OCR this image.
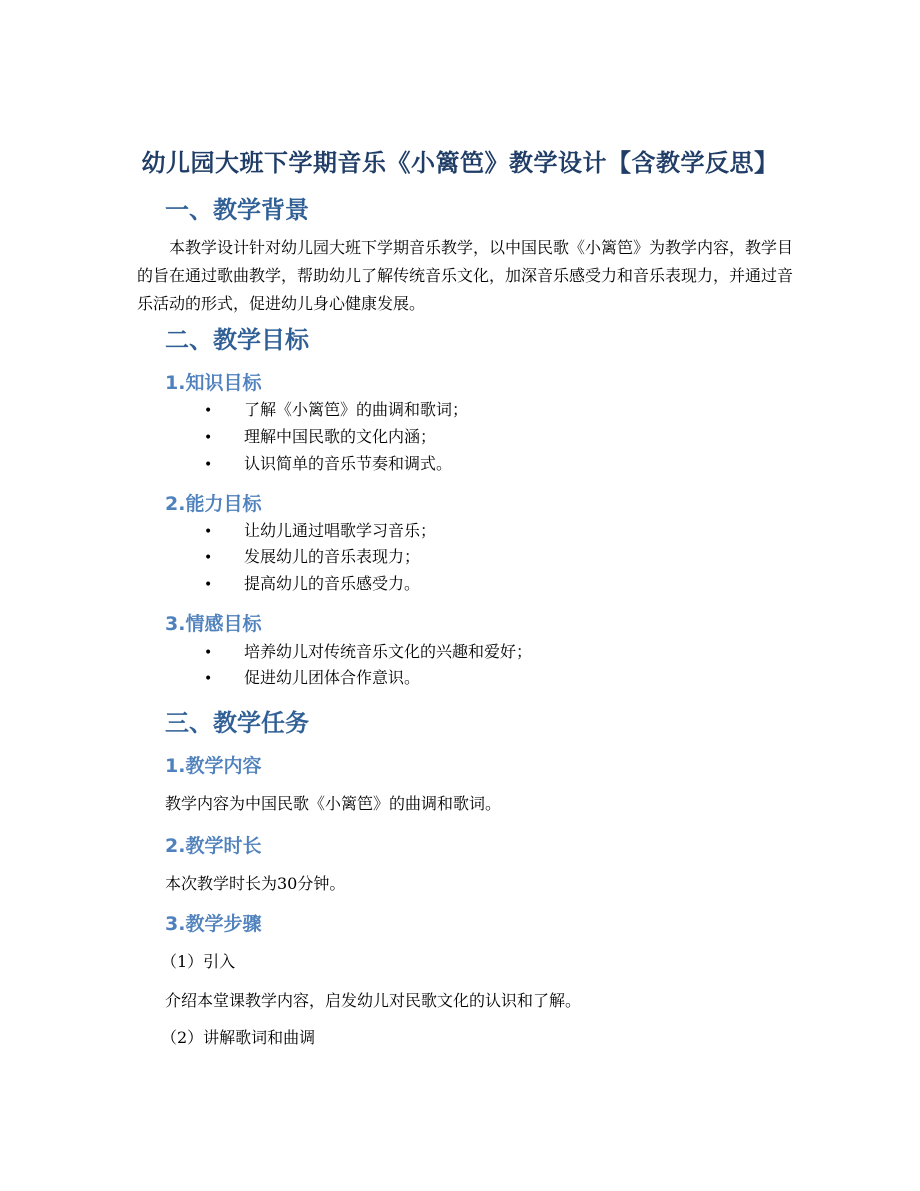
幼儿园大班下学期音乐《小篱笆》教学设计【含教学反思】
一、教学背景
本教学设计针对幼儿园大班下学期音乐教学，以中国民歌《小篱笆》为教学内容，教学目的旨在通过歌曲教学，帮助幼儿了解传统音乐文化，加深音乐感受力和音乐表现力，并通过音乐活动的形式，促进幼儿身心健康发展。
二、教学目标
1.知识目标
• 了解《小篱笆》的曲调和歌词；
• 理解中国民歌的文化内涵；
• 认识简单的音乐节奏和调式。
2.能力目标
• 让幼儿通过唱歌学习音乐；
• 发展幼儿的音乐表现力；
• 提高幼儿的音乐感受力。
3.情感目标
• 培养幼儿对传统音乐文化的兴趣和爱好；
• 促进幼儿团体合作意识。
三、教学任务
1.教学内容
教学内容为中国民歌《小篱笆》的曲调和歌词。
2.教学时长
本次教学时长为30分钟。
3.教学步骤
（1）引入
介绍本堂课教学内容，启发幼儿对民歌文化的认识和了解。
（2）讲解歌词和曲调
